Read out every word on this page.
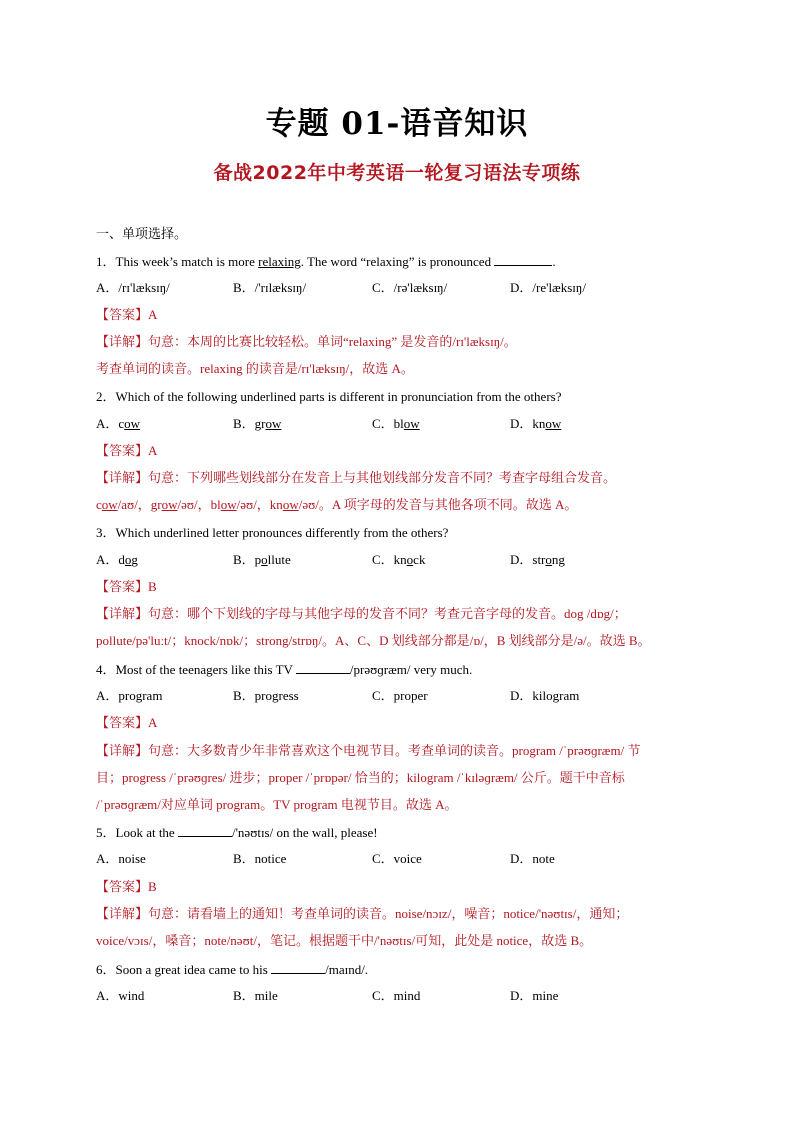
专题 01-语音知识
备战2022年中考英语一轮复习语法专项练
一、单项选择。
1．This week’s match is more relaxing. The word “relaxing” is pronounced	.
A．/rɪ'læksɪŋ/	B．/'rɪlæksɪŋ/	C．/rə'læksɪŋ/	D．/re'læksɪŋ/
【答案】A
【详解】句意：本周的比赛比较轻松。单词“relaxing” 是发音的/rɪ'læksɪŋ/。
考查单词的读音。relaxing 的读音是/rɪ'læksɪŋ/，故选 A。
2．Which of the following underlined parts is different in pronunciation from the others?
A．cow	B．grow	C．blow	D．know
【答案】A
【详解】句意：下列哪些划线部分在发音上与其他划线部分发音不同？考查字母组合发音。
cow/aʊ/，grow/əʊ/，blow/əʊ/，know/əʊ/。A 项字母的发音与其他各项不同。故选 A。
3．Which underlined letter pronounces differently from the others?
A．dog	B．pollute	C．knock	D．strong
【答案】B
【详解】句意：哪个下划线的字母与其他字母的发音不同？考查元音字母的发音。dog /dɒg/；
pollute/pə'luːt/；knock/nɒk/；strong/strɒŋ/。A、C、D 划线部分都是/ɒ/，B 划线部分是/ə/。故选 B。
4．Most of the teenagers like this TV	/prəʊɡræm/ very much.
A．program	B．progress	C．proper	D．kilogram
【答案】A
【详解】句意：大多数青少年非常喜欢这个电视节目。考查单词的读音。program /ˈprəʊɡræm/ 节
目；progress /ˈprəʊɡres/ 进步；proper /ˈprɒpər/ 恰当的；kilogram /ˈkɪləɡræm/ 公斤。题干中音标
/ˈprəʊɡræm/对应单词 program。TV program 电视节目。故选 A。
5．Look at the	/'nəʊtɪs/ on the wall, please!
A．noise	B．notice	C．voice	D．note
【答案】B
【详解】句意：请看墙上的通知！考查单词的读音。noise/nɔɪz/，噪音；notice/'nəʊtɪs/，通知；
voice/vɔɪs/，嗓音；note/nəʊt/，笔记。根据题干中/'nəʊtɪs/可知，此处是 notice，故选 B。
6．Soon a great idea came to his	/maɪnd/.
A．wind	B．mile	C．mind	D．mine
